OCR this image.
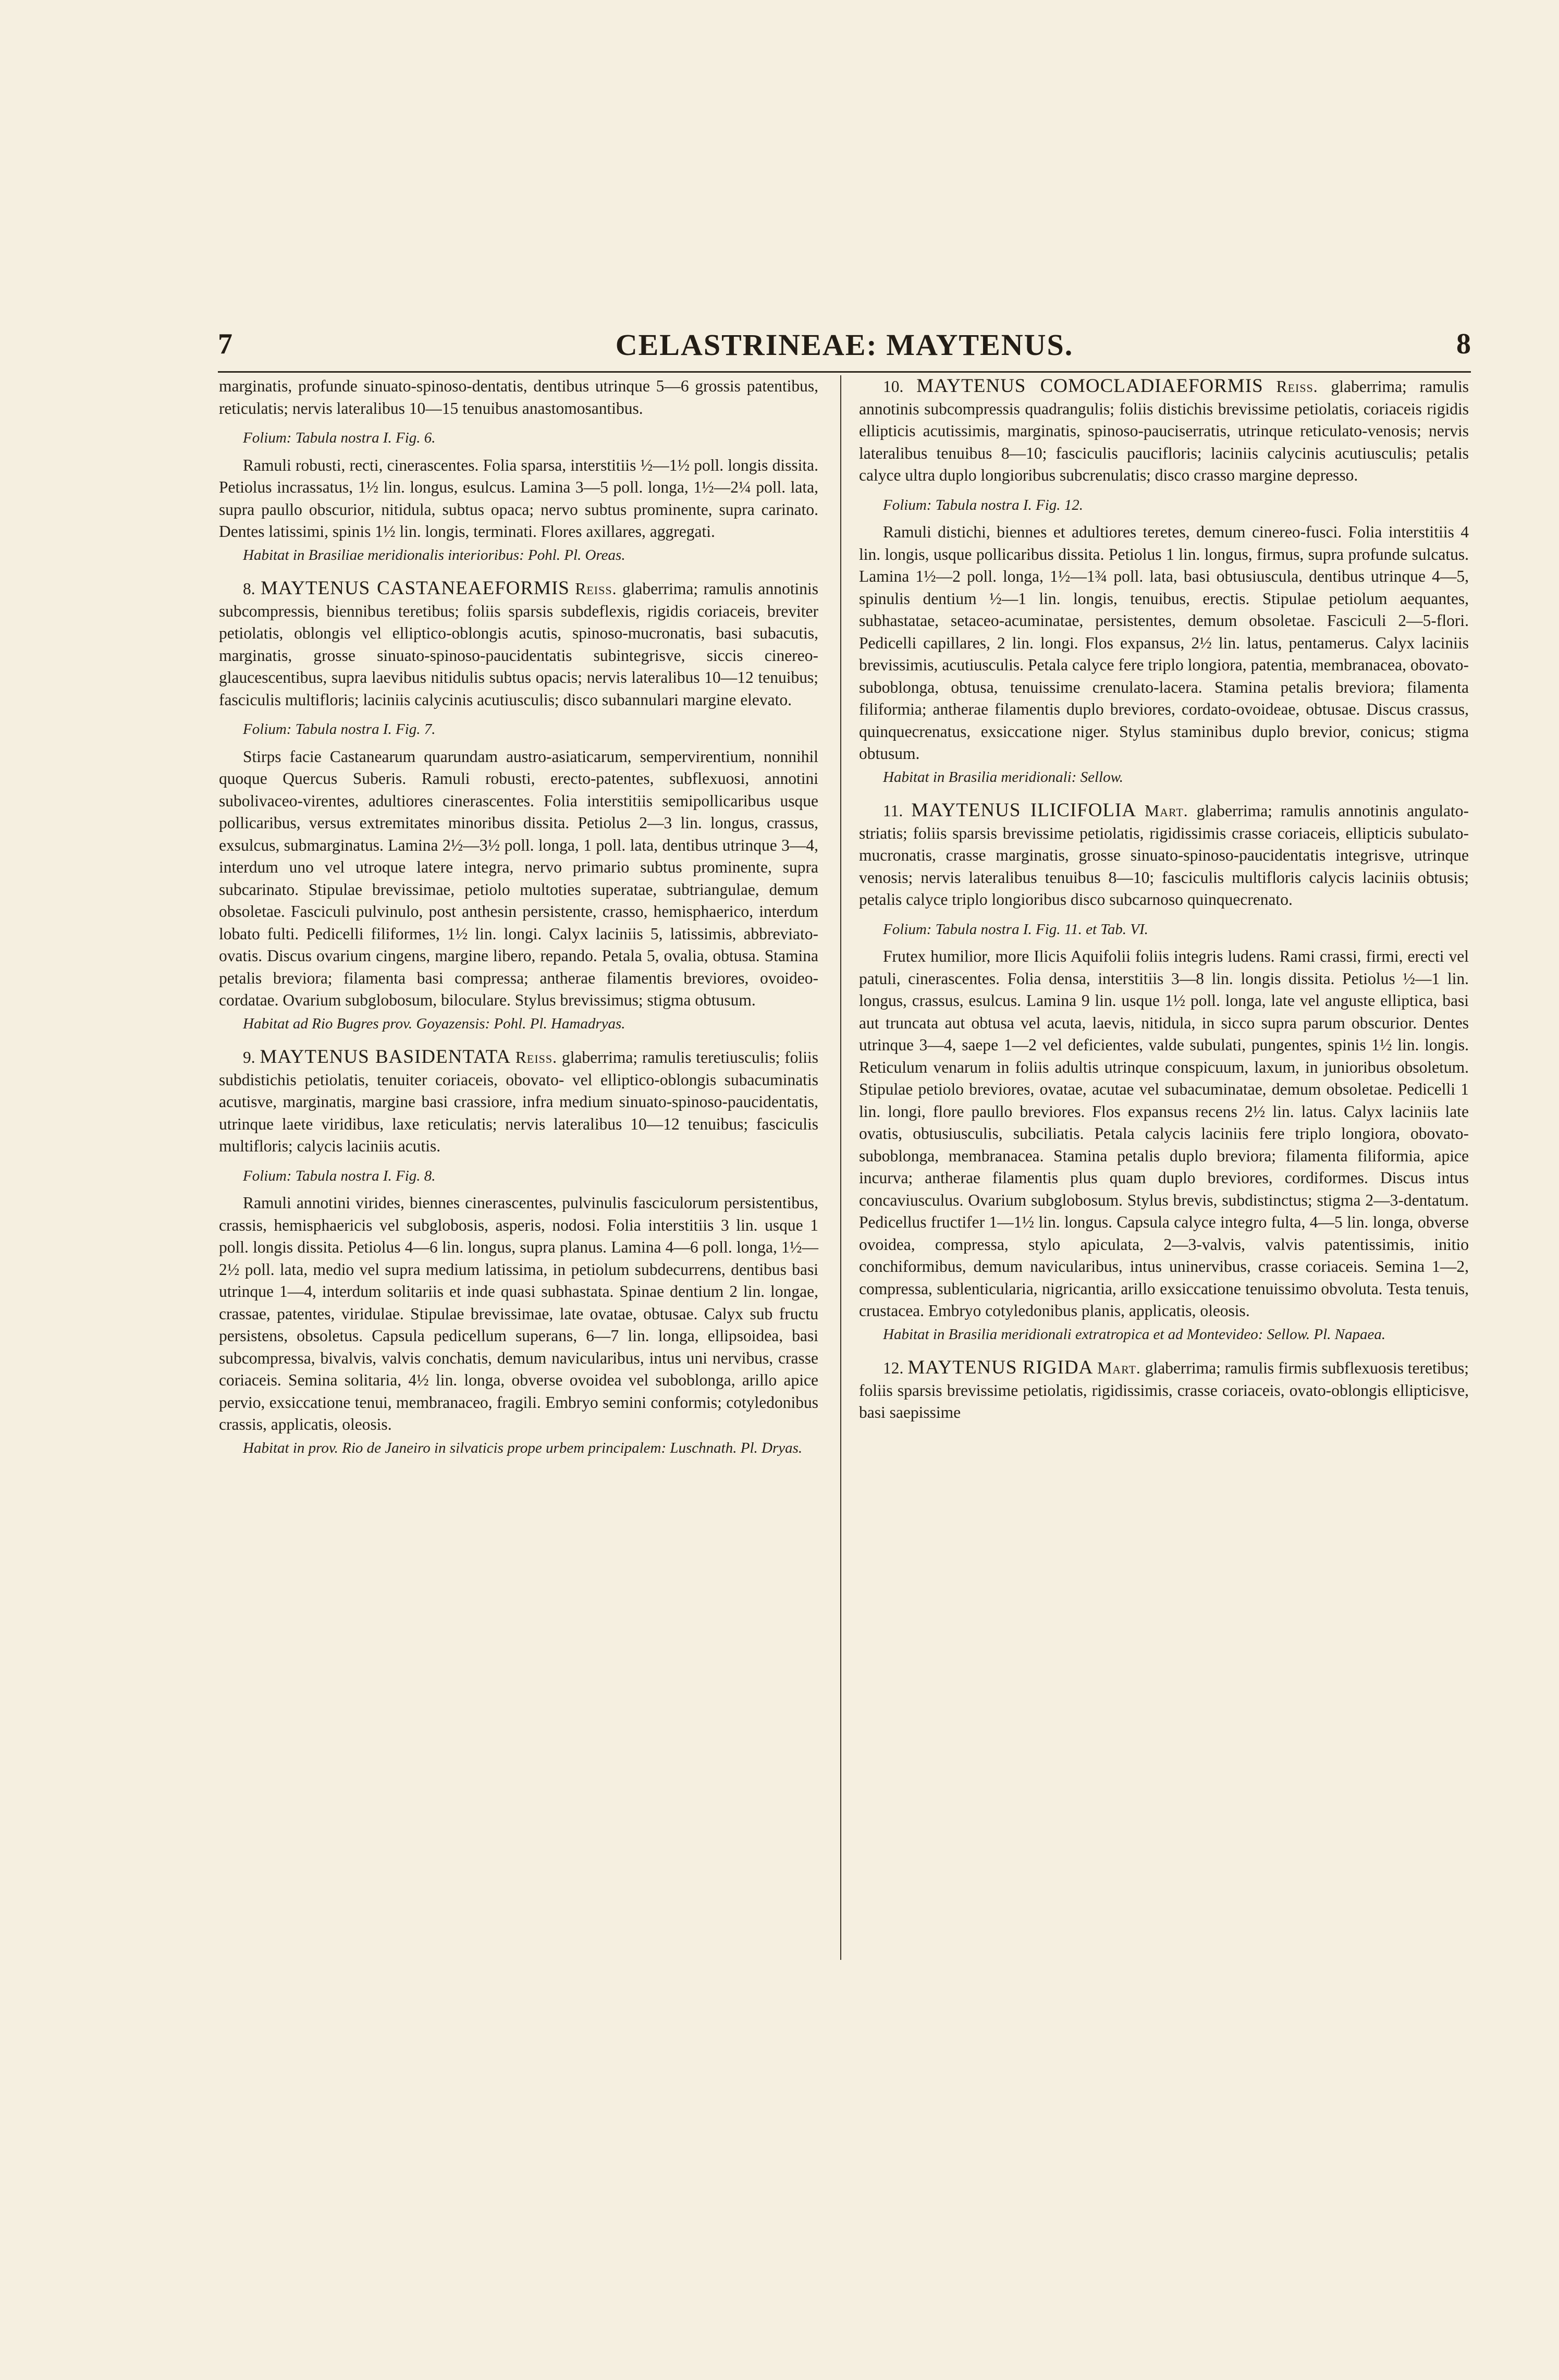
7	CELASTRINEAE: MAYTENUS.	8

marginatis, profunde sinuato-spinoso-dentatis, dentibus utrinque 5—6 grossis patentibus, reticulatis; nervis lateralibus 10—15 tenuibus anastomosantibus.

Folium: Tabula nostra I. Fig. 6.

Ramuli robusti, recti, cinerascentes. Folia sparsa, interstitiis ½—1½ poll. longis dissita. Petiolus incrassatus, 1½ lin. longus, esulcus. Lamina 3—5 poll. longa, 1½—2¼ poll. lata, supra paullo obscurior, nitidula, subtus opaca; nervo subtus prominente, supra carinato. Dentes latissimi, spinis 1½ lin. longis, terminati. Flores axillares, aggregati.

Habitat in Brasiliae meridionalis interioribus: Pohl. Pl. Oreas.

8. MAYTENUS CASTANEAEFORMIS Reiss. glaberrima; ramulis annotinis subcompressis, biennibus teretibus; foliis sparsis subdeflexis, rigidis coriaceis, breviter petiolatis, oblongis vel elliptico-oblongis acutis, spinoso-mucronatis, basi subacutis, marginatis, grosse sinuato-spinoso-paucidentatis subintegrisve, siccis cinereo-glaucescentibus, supra laevibus nitidulis subtus opacis; nervis lateralibus 10—12 tenuibus; fasciculis multifloris; laciniis calycinis acutiusculis; disco subannulari margine elevato.

Folium: Tabula nostra I. Fig. 7.

Stirps facie Castanearum quarundam austro-asiaticarum, sempervirentium, nonnihil quoque Quercus Suberis. Ramuli robusti, erecto-patentes, subflexuosi, annotini subolivaceo-virentes, adultiores cinerascentes. Folia interstitiis semipollicaribus usque pollicaribus, versus extremitates minoribus dissita. Petiolus 2—3 lin. longus, crassus, exsulcus, submarginatus. Lamina 2½—3½ poll. longa, 1 poll. lata, dentibus utrinque 3—4, interdum uno vel utroque latere integra, nervo primario subtus prominente, supra subcarinato. Stipulae brevissimae, petiolo multoties superatae, subtriangulae, demum obsoletae. Fasciculi pulvinulo, post anthesin persistente, crasso, hemisphaerico, interdum lobato fulti. Pedicelli filiformes, 1½ lin. longi. Calyx laciniis 5, latissimis, abbreviato-ovatis. Discus ovarium cingens, margine libero, repando. Petala 5, ovalia, obtusa. Stamina petalis breviora; filamenta basi compressa; antherae filamentis breviores, ovoideo-cordatae. Ovarium subglobosum, biloculare. Stylus brevissimus; stigma obtusum.

Habitat ad Rio Bugres prov. Goyazensis: Pohl. Pl. Hamadryas.

9. MAYTENUS BASIDENTATA Reiss. glaberrima; ramulis teretiusculis; foliis subdistichis petiolatis, tenuiter coriaceis, obovato- vel elliptico-oblongis subacuminatis acutisve, marginatis, margine basi crassiore, infra medium sinuato-spinoso-paucidentatis, utrinque laete viridibus, laxe reticulatis; nervis lateralibus 10—12 tenuibus; fasciculis multifloris; calycis laciniis acutis.

Folium: Tabula nostra I. Fig. 8.

Ramuli annotini virides, biennes cinerascentes, pulvinulis fasciculorum persistentibus, crassis, hemisphaericis vel subglobosis, asperis, nodosi. Folia interstitiis 3 lin. usque 1 poll. longis dissita. Petiolus 4—6 lin. longus, supra planus. Lamina 4—6 poll. longa, 1½—2½ poll. lata, medio vel supra medium latissima, in petiolum subdecurrens, dentibus basi utrinque 1—4, interdum solitariis et inde quasi subhastata. Spinae dentium 2 lin. longae, crassae, patentes, viridulae. Stipulae brevissimae, late ovatae, obtusae. Calyx sub fructu persistens, obsoletus. Capsula pedicellum superans, 6—7 lin. longa, ellipsoidea, basi subcompressa, bivalvis, valvis conchatis, demum navicularibus, intus uni nervibus, crasse coriaceis. Semina solitaria, 4½ lin. longa, obverse ovoidea vel suboblonga, arillo apice pervio, exsiccatione tenui, membranaceo, fragili. Embryo semini conformis; cotyledonibus crassis, applicatis, oleosis.

Habitat in prov. Rio de Janeiro in silvaticis prope urbem principalem: Luschnath. Pl. Dryas.

10. MAYTENUS COMOCLADIAEFORMIS Reiss. glaberrima; ramulis annotinis subcompressis quadrangulis; foliis distichis brevissime petiolatis, coriaceis rigidis ellipticis acutissimis, marginatis, spinoso-pauciserratis, utrinque reticulato-venosis; nervis lateralibus tenuibus 8—10; fasciculis paucifloris; laciniis calycinis acutiusculis; petalis calyce ultra duplo longioribus subcrenulatis; disco crasso margine depresso.

Folium: Tabula nostra I. Fig. 12.

Ramuli distichi, biennes et adultiores teretes, demum cinereo-fusci. Folia interstitiis 4 lin. longis, usque pollicaribus dissita. Petiolus 1 lin. longus, firmus, supra profunde sulcatus. Lamina 1½—2 poll. longa, 1½—1¾ poll. lata, basi obtusiuscula, dentibus utrinque 4—5, spinulis dentium ½—1 lin. longis, tenuibus, erectis. Stipulae petiolum aequantes, subhastatae, setaceo-acuminatae, persistentes, demum obsoletae. Fasciculi 2—5-flori. Pedicelli capillares, 2 lin. longi. Flos expansus, 2½ lin. latus, pentamerus. Calyx laciniis brevissimis, acutiusculis. Petala calyce fere triplo longiora, patentia, membranacea, obovato-suboblonga, obtusa, tenuissime crenulato-lacera. Stamina petalis breviora; filamenta filiformia; antherae filamentis duplo breviores, cordato-ovoideae, obtusae. Discus crassus, quinquecrenatus, exsiccatione niger. Stylus staminibus duplo brevior, conicus; stigma obtusum.

Habitat in Brasilia meridionali: Sellow.

11. MAYTENUS ILICIFOLIA Mart. glaberrima; ramulis annotinis angulato-striatis; foliis sparsis brevissime petiolatis, rigidissimis crasse coriaceis, ellipticis subulato-mucronatis, crasse marginatis, grosse sinuato-spinoso-paucidentatis integrisve, utrinque venosis; nervis lateralibus tenuibus 8—10; fasciculis multifloris calycis laciniis obtusis; petalis calyce triplo longioribus disco subcarnoso quinquecrenato.

Folium: Tabula nostra I. Fig. 11. et Tab. VI.

Frutex humilior, more Ilicis Aquifolii foliis integris ludens. Rami crassi, firmi, erecti vel patuli, cinerascentes. Folia densa, interstitiis 3—8 lin. longis dissita. Petiolus ½—1 lin. longus, crassus, esulcus. Lamina 9 lin. usque 1½ poll. longa, late vel anguste elliptica, basi aut truncata aut obtusa vel acuta, laevis, nitidula, in sicco supra parum obscurior. Dentes utrinque 3—4, saepe 1—2 vel deficientes, valde subulati, pungentes, spinis 1½ lin. longis. Reticulum venarum in foliis adultis utrinque conspicuum, laxum, in junioribus obsoletum. Stipulae petiolo breviores, ovatae, acutae vel subacuminatae, demum obsoletae. Pedicelli 1 lin. longi, flore paullo breviores. Flos expansus recens 2½ lin. latus. Calyx laciniis late ovatis, obtusiusculis, subciliatis. Petala calycis laciniis fere triplo longiora, obovato-suboblonga, membranacea. Stamina petalis duplo breviora; filamenta filiformia, apice incurva; antherae filamentis plus quam duplo breviores, cordiformes. Discus intus concaviusculus. Ovarium subglobosum. Stylus brevis, subdistinctus; stigma 2—3-dentatum. Pedicellus fructifer 1—1½ lin. longus. Capsula calyce integro fulta, 4—5 lin. longa, obverse ovoidea, compressa, stylo apiculata, 2—3-valvis, valvis patentissimis, initio conchiformibus, demum navicularibus, intus uninervibus, crasse coriaceis. Semina 1—2, compressa, sublenticularia, nigricantia, arillo exsiccatione tenuissimo obvoluta. Testa tenuis, crustacea. Embryo cotyledonibus planis, applicatis, oleosis.

Habitat in Brasilia meridionali extratropica et ad Montevideo: Sellow. Pl. Napaea.

12. MAYTENUS RIGIDA Mart. glaberrima; ramulis firmis subflexuosis teretibus; foliis sparsis brevissime petiolatis, rigidissimis, crasse coriaceis, ovato-oblongis ellipticisve, basi saepissime
